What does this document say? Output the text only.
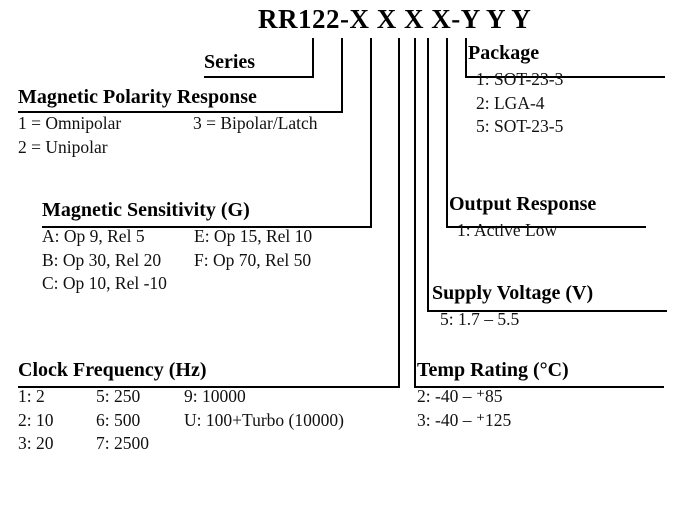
RR122-X X X X-Y Y Y
Series
Magnetic Polarity Response
1 = Omnipolar
2 = Unipolar
3 = Bipolar/Latch
Magnetic Sensitivity (G)
A: Op 9, Rel 5
B: Op 30, Rel 20
C: Op 10, Rel -10
E: Op 15, Rel 10
F: Op 70, Rel 50
Clock Frequency (Hz)
1: 2
2: 10
3: 20
5: 250
6: 500
7: 2500
9: 10000
U: 100+Turbo (10000)
Package
1: SOT-23-3
2: LGA-4
5: SOT-23-5
Output Response
1: Active Low
Supply Voltage (V)
5: 1.7 – 5.5
Temp Rating (°C)
2: -40 – ⁺85
3: -40 – ⁺125
